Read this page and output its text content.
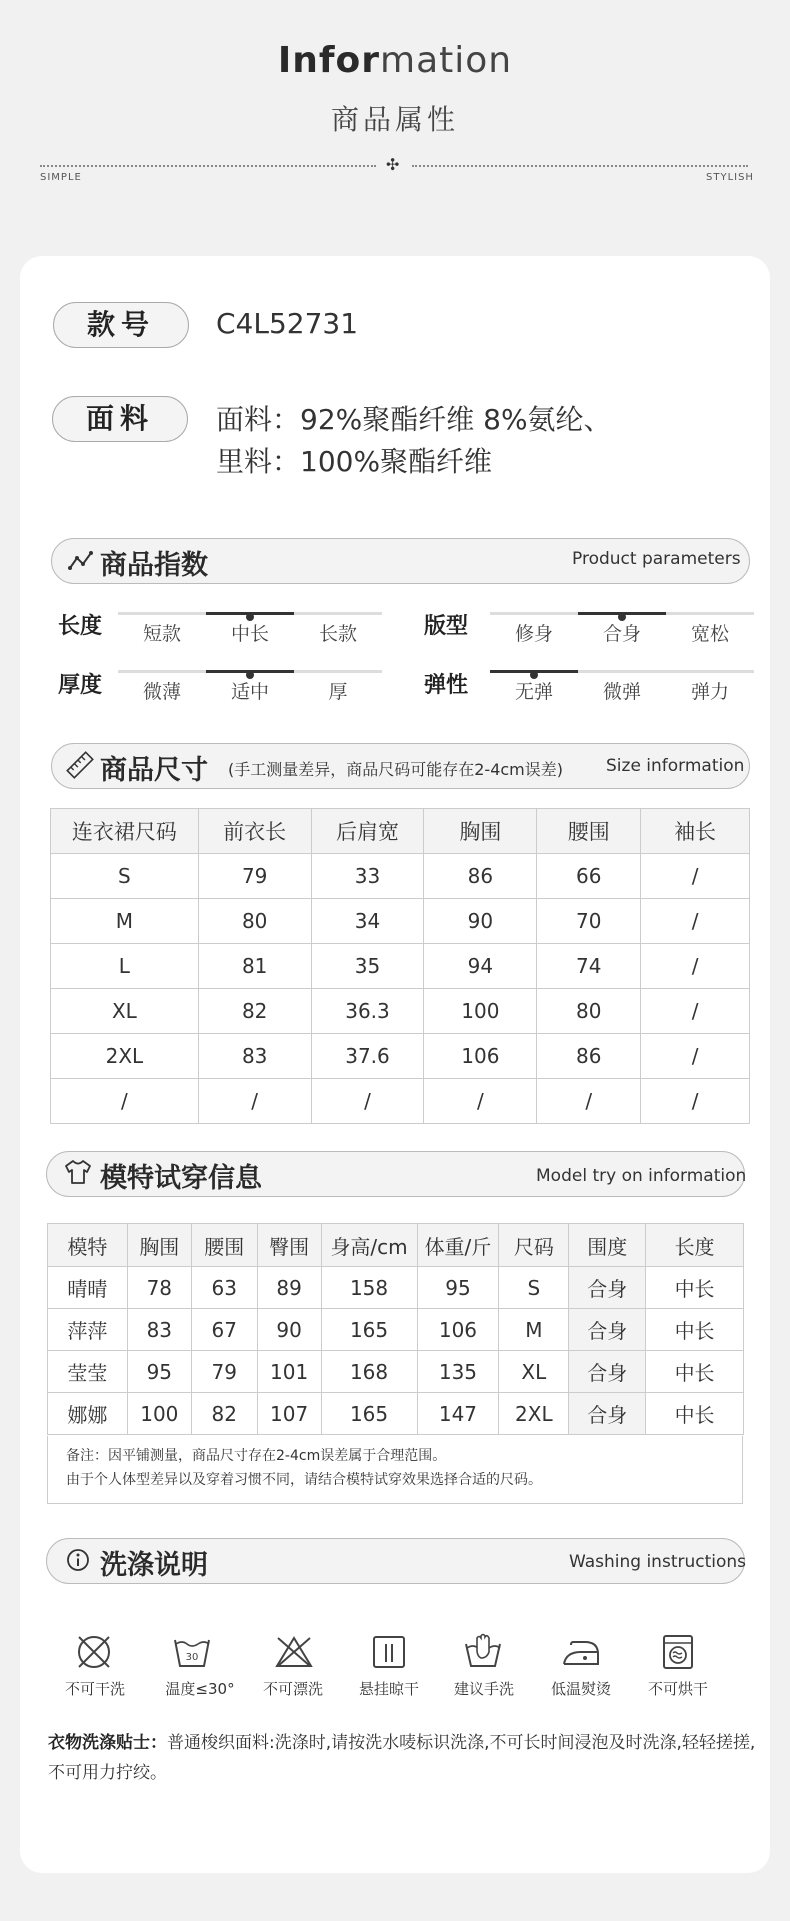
Information
商品属性
✣
SIMPLE	STYLISH
款号	C4L52731
面料	面料：92%聚酯纤维 8%氨纶、
里料：100%聚酯纤维
商品指数	Product parameters
长度	版型
厚度	弹性
短款	中长	长款	修身	合身	宽松
微薄	适中	厚	无弹	微弹	弹力
商品尺寸 (手工测量差异，商品尺码可能存在2-4cm误差)	Size information
连衣裙尺码	前衣长	后肩宽	胸围	腰围	袖长
S	79	33	86	66	/
M	80	34	90	70	/
L	81	35	94	74	/
XL	82	36.3	100	80	/
2XL	83	37.6	106	86	/
/	/	/	/	/	/
模特试穿信息	Model try on information
模特	胸围	腰围	臀围	身高/cm	体重/斤	尺码	围度	长度
晴晴	78	63	89	158	95	S	合身	中长
萍萍	83	67	90	165	106	M	合身	中长
莹莹	95	79	101	168	135	XL	合身	中长
娜娜	100	82	107	165	147	2XL	合身	中长
备注：因平铺测量，商品尺寸存在2-4cm误差属于合理范围。
由于个人体型差异以及穿着习惯不同，请结合模特试穿效果选择合适的尺码。
洗涤说明	Washing instructions
30
不可干洗	温度≤30°	不可漂洗	悬挂晾干	建议手洗	低温熨烫	不可烘干
衣物洗涤贴士：普通梭织面料:洗涤时,请按洗水唛标识洗涤,不可长时间浸泡及时洗涤,轻轻搓搓,不可用力拧绞。
